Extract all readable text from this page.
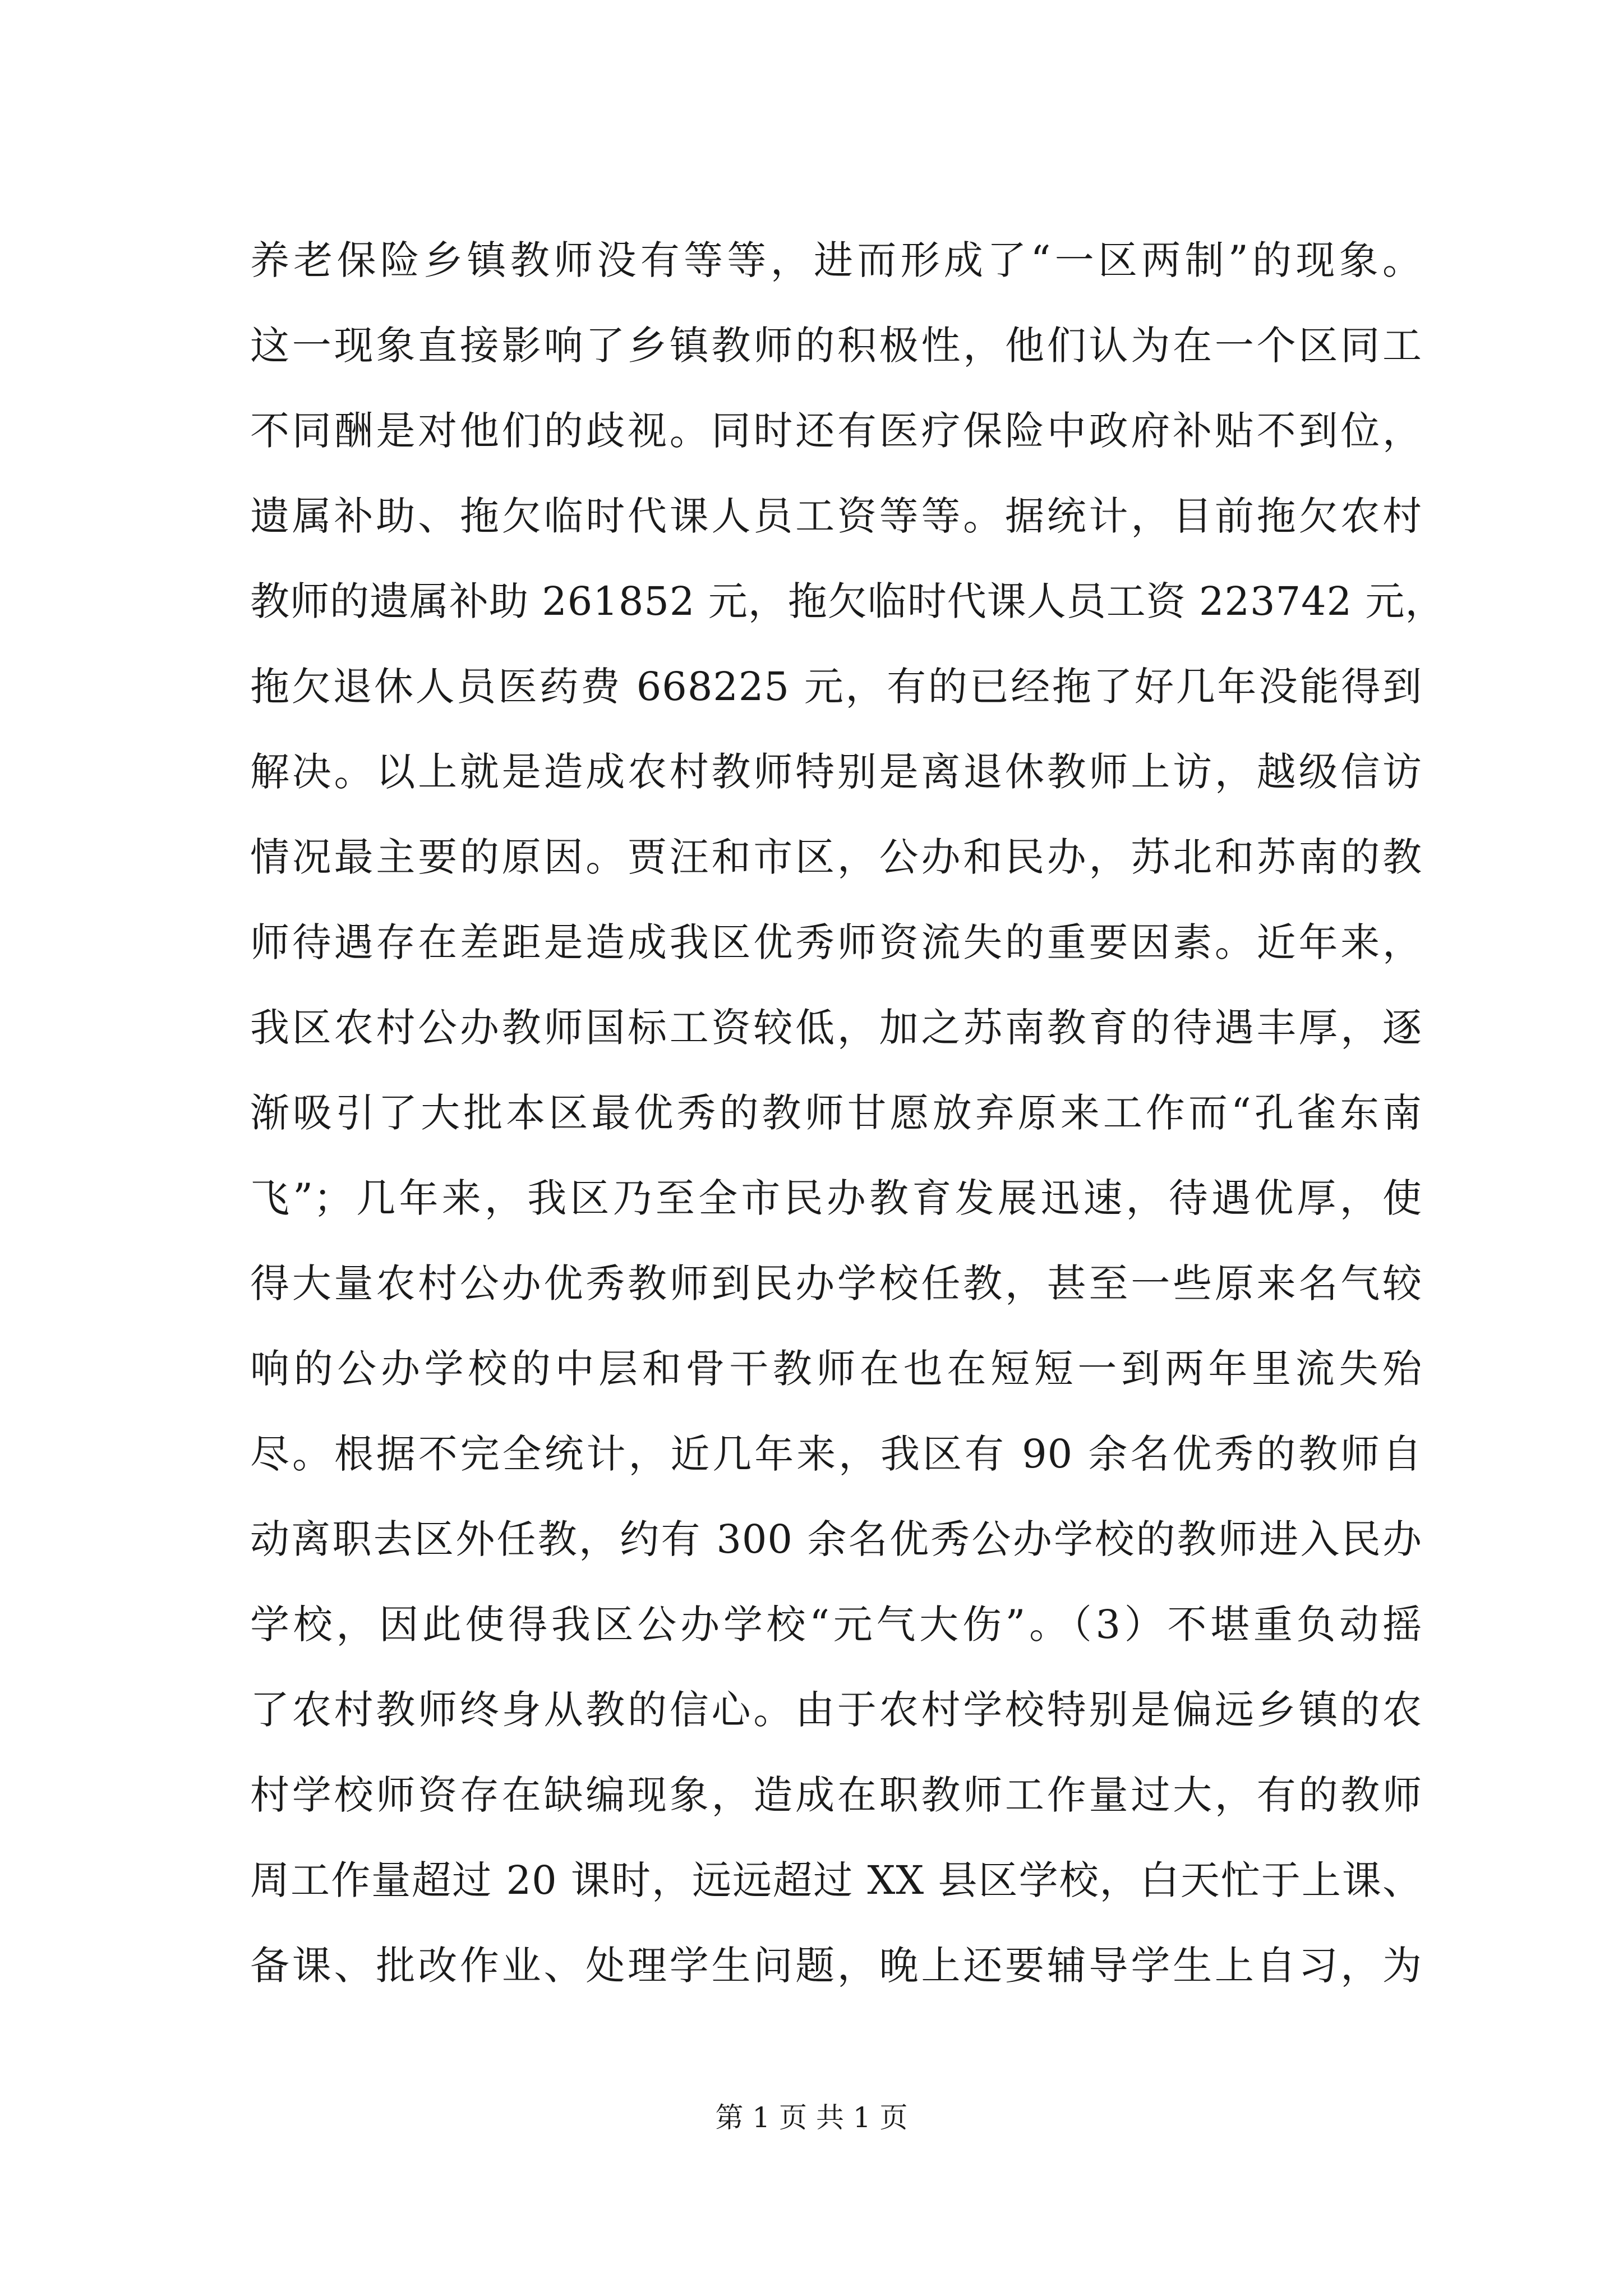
养老保险乡镇教师没有等等，进而形成了“一区两制”的现象。
这一现象直接影响了乡镇教师的积极性，他们认为在一个区同工
不同酬是对他们的歧视。同时还有医疗保险中政府补贴不到位，
遗属补助、拖欠临时代课人员工资等等。据统计，目前拖欠农村
教师的遗属补助 261852 元，拖欠临时代课人员工资 223742 元，
拖欠退休人员医药费 668225 元，有的已经拖了好几年没能得到
解决。以上就是造成农村教师特别是离退休教师上访，越级信访
情况最主要的原因。贾汪和市区，公办和民办，苏北和苏南的教
师待遇存在差距是造成我区优秀师资流失的重要因素。近年来，
我区农村公办教师国标工资较低，加之苏南教育的待遇丰厚，逐
渐吸引了大批本区最优秀的教师甘愿放弃原来工作而“孔雀东南
飞”；几年来，我区乃至全市民办教育发展迅速，待遇优厚，使
得大量农村公办优秀教师到民办学校任教，甚至一些原来名气较
响的公办学校的中层和骨干教师在也在短短一到两年里流失殆
尽。根据不完全统计，近几年来，我区有 90 余名优秀的教师自
动离职去区外任教，约有 300 余名优秀公办学校的教师进入民办
学校，因此使得我区公办学校“元气大伤”。（3）不堪重负动摇
了农村教师终身从教的信心。由于农村学校特别是偏远乡镇的农
村学校师资存在缺编现象，造成在职教师工作量过大，有的教师
周工作量超过 20 课时，远远超过 XX 县区学校，白天忙于上课、
备课、批改作业、处理学生问题，晚上还要辅导学生上自习，为
第 1 页 共 1 页
